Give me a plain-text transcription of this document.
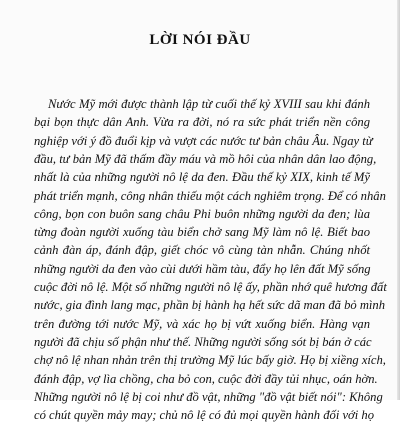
LỜI NÓI ĐẦU
Nước Mỹ mới được thành lập từ cuối thế kỷ XVIII sau khi đánh
bại bọn thực dân Anh. Vừa ra đời, nó ra sức phát triển nền công
nghiệp với ý đồ đuổi kịp và vượt các nước tư bản châu Âu. Ngay từ
đầu, tư bản Mỹ đã thấm đầy máu và mồ hôi của nhân dân lao động,
nhất là của những người nô lệ da đen. Đầu thế kỷ XIX, kinh tế Mỹ
phát triển mạnh, công nhân thiếu một cách nghiêm trọng. Để có nhân
công, bọn con buôn sang châu Phi buôn những người da đen; lùa
từng đoàn người xuống tàu biển chở sang Mỹ làm nô lệ. Biết bao
cảnh đàn áp, đánh đập, giết chóc vô cùng tàn nhẫn. Chúng nhốt
những người da đen vào cùi dưới hầm tàu, đẩy họ lên đất Mỹ sống
cuộc đời nô lệ. Một số những người nô lệ ấy, phần nhớ quê hương đất
nước, gia đình lang mạc, phần bị hành hạ hết sức dã man đã bỏ mình
trên đường tới nước Mỹ, và xác họ bị vứt xuống biển. Hàng vạn
người đã chịu số phận như thế. Những người sống sót bị bán ở các
chợ nô lệ nhan nhản trên thị trường Mỹ lúc bấy giờ. Họ bị xiềng xích,
đánh đập, vợ lìa chồng, cha bỏ con, cuộc đời đầy tủi nhục, oán hờn.
Những người nô lệ bị coi như đồ vật, những "đồ vật biết nói": Không
có chút quyền mảy may; chủ nô lệ có đủ mọi quyền hành đối với họ
